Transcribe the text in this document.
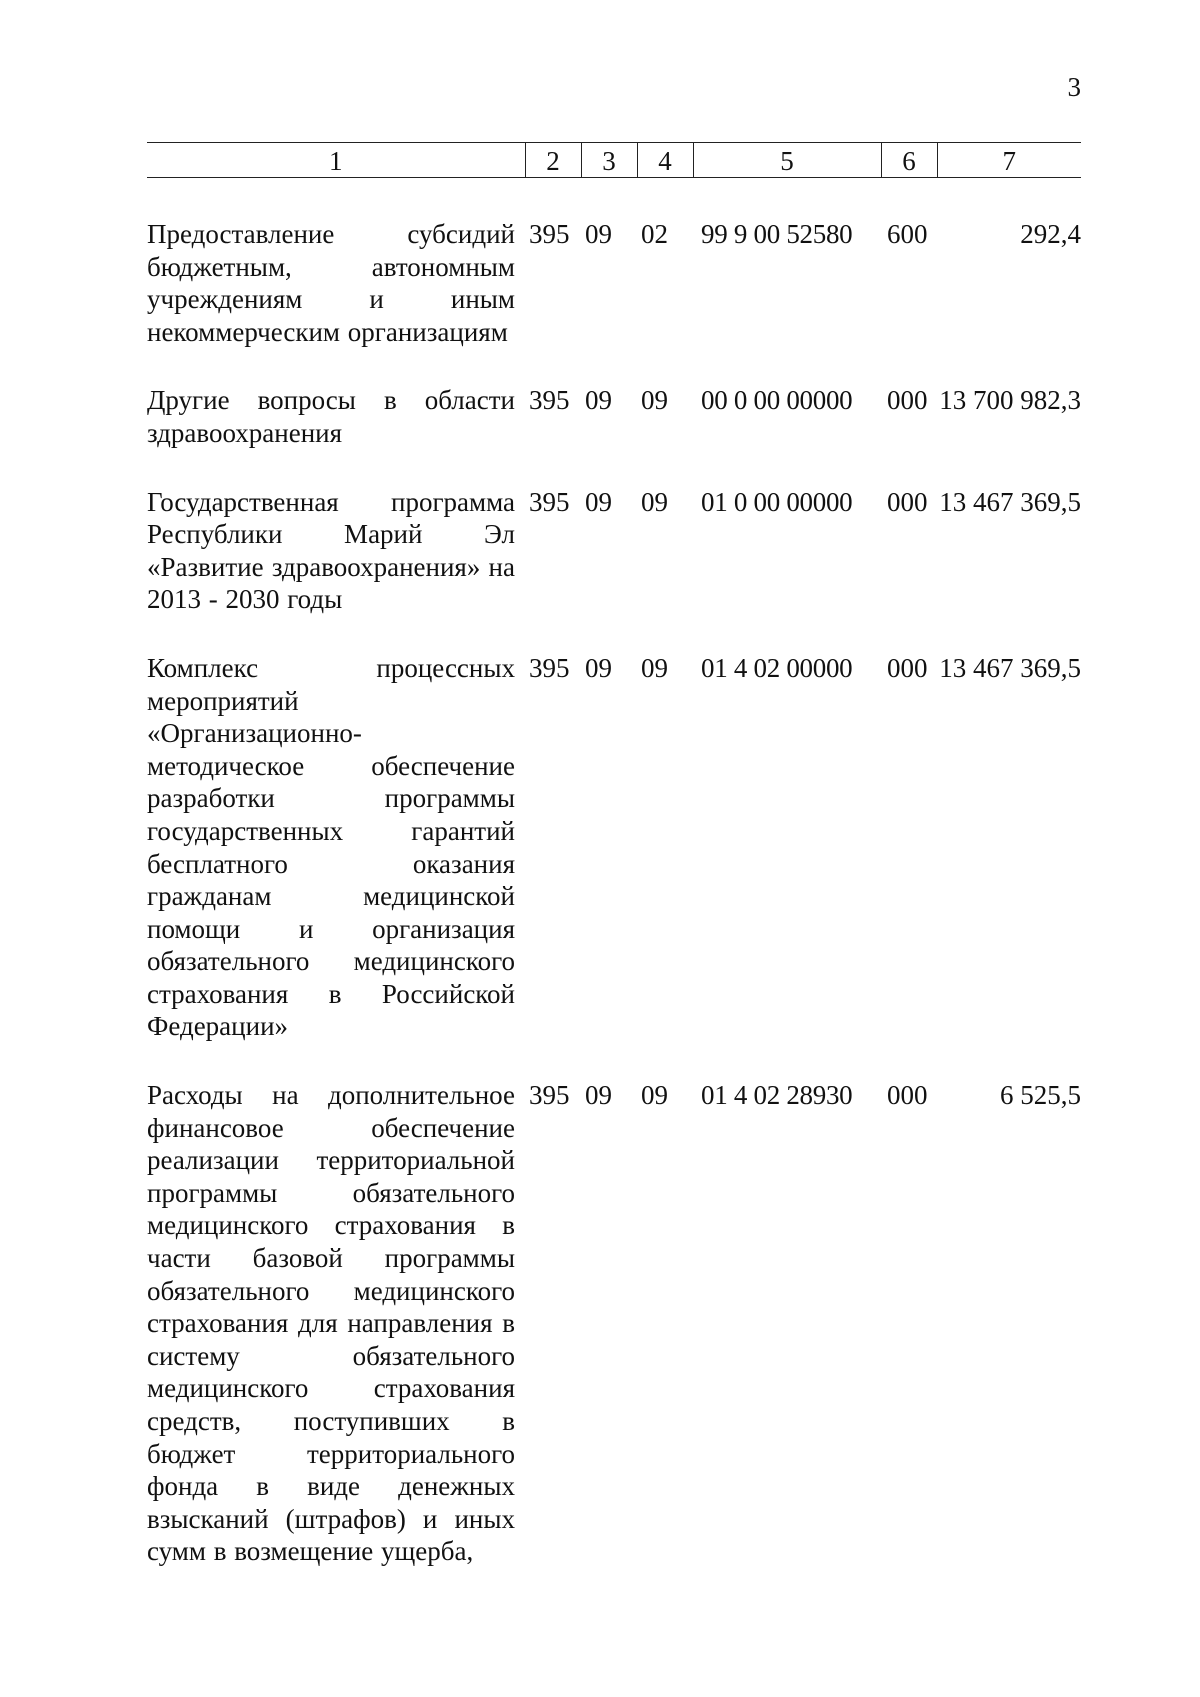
3
1	2	3	4	5	6	7
Предоставление субсидий бюджетным, автономным учреждениям и иным некоммерческим организациям	395	09	02	99 9 00 52580	600	292,4
Другие вопросы в области здравоохранения	395	09	09	00 0 00 00000	000	13 700 982,3
Государственная программа Республики Марий Эл «Развитие здравоохранения» на 2013 - 2030 годы	395	09	09	01 0 00 00000	000	13 467 369,5
Комплекс процессных мероприятий «Организационно-методическое обеспечение разработки программы государственных гарантий бесплатного оказания гражданам медицинской помощи и организация обязательного медицинского страхования в Российской Федерации»	395	09	09	01 4 02 00000	000	13 467 369,5
Расходы на дополнительное финансовое обеспечение реализации территориальной программы обязательного медицинского страхования в части базовой программы обязательного медицинского страхования для направления в систему обязательного медицинского страхования средств, поступивших в бюджет территориального фонда в виде денежных взысканий (штрафов) и иных сумм в возмещение ущерба,	395	09	09	01 4 02 28930	000	6 525,5
